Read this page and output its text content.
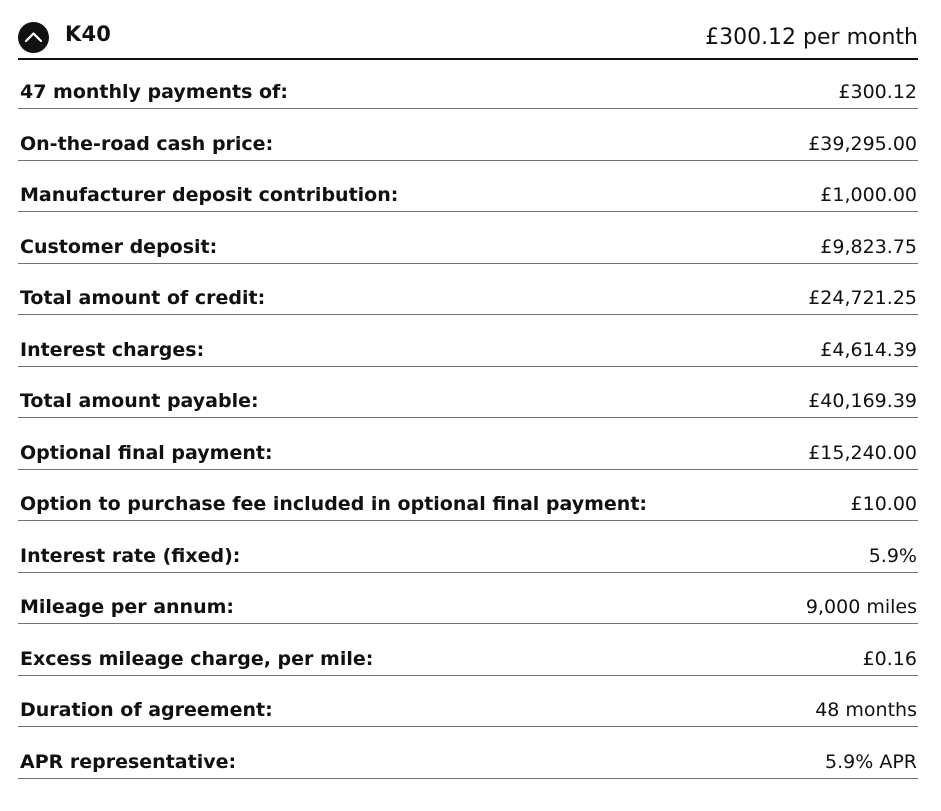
K40	£300.12 per month
47 monthly payments of:	£300.12
On-the-road cash price:	£39,295.00
Manufacturer deposit contribution:	£1,000.00
Customer deposit:	£9,823.75
Total amount of credit:	£24,721.25
Interest charges:	£4,614.39
Total amount payable:	£40,169.39
Optional final payment:	£15,240.00
Option to purchase fee included in optional final payment:	£10.00
Interest rate (fixed):	5.9%
Mileage per annum:	9,000 miles
Excess mileage charge, per mile:	£0.16
Duration of agreement:	48 months
APR representative:	5.9% APR
